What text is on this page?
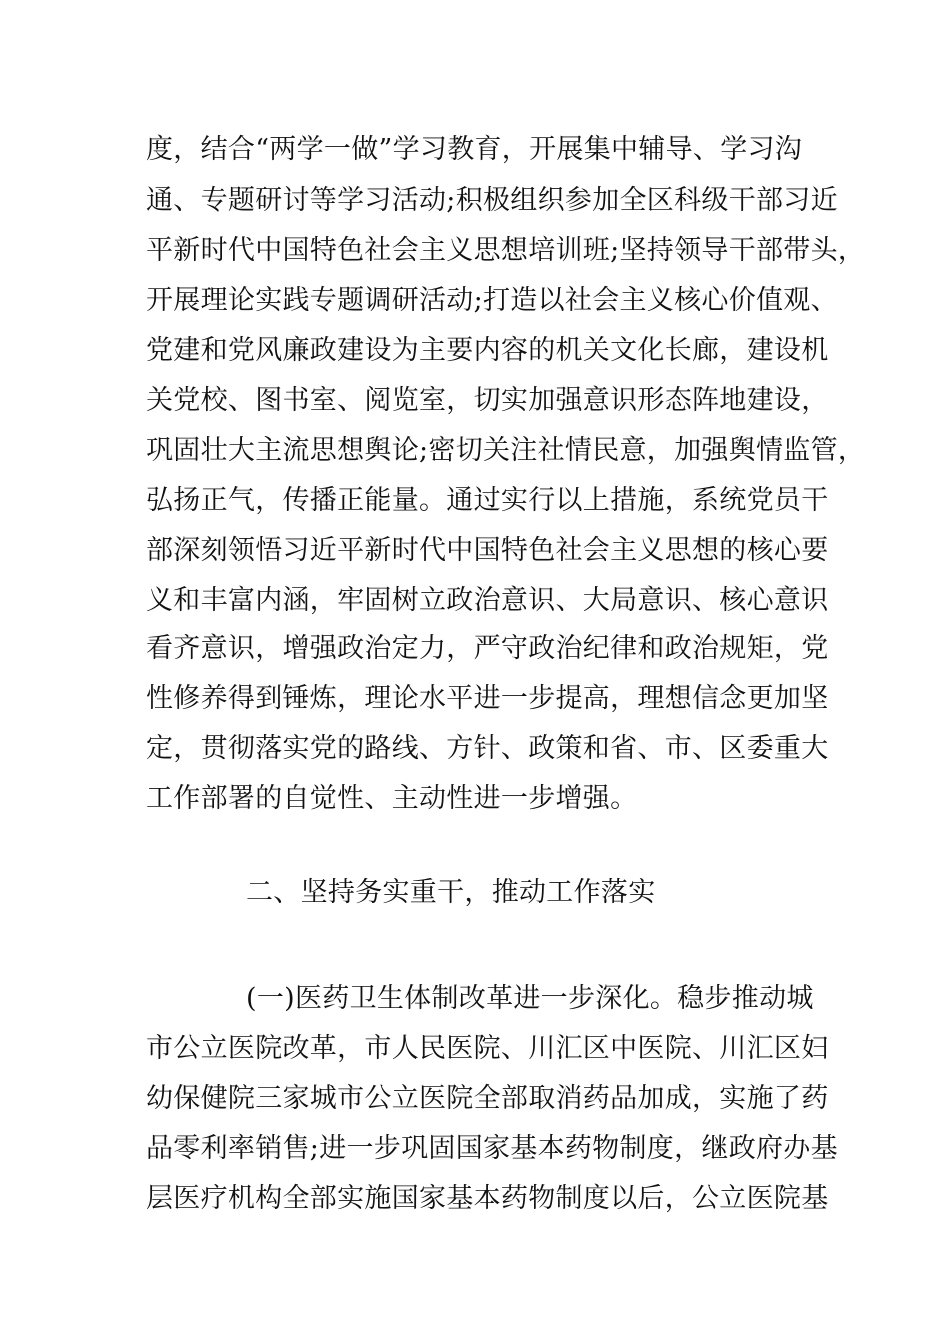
度，结合“两学一做”学习教育，开展集中辅导、学习沟
通、专题研讨等学习活动;积极组织参加全区科级干部习近
平新时代中国特色社会主义思想培训班;坚持领导干部带头，
开展理论实践专题调研活动;打造以社会主义核心价值观、
党建和党风廉政建设为主要内容的机关文化长廊，建设机
关党校、图书室、阅览室，切实加强意识形态阵地建设，
巩固壮大主流思想舆论;密切关注社情民意，加强舆情监管，
弘扬正气，传播正能量。通过实行以上措施，系统党员干
部深刻领悟习近平新时代中国特色社会主义思想的核心要
义和丰富内涵，牢固树立政治意识、大局意识、核心意识
看齐意识，增强政治定力，严守政治纪律和政治规矩，党
性修养得到锤炼，理论水平进一步提高，理想信念更加坚
定，贯彻落实党的路线、方针、政策和省、市、区委重大
工作部署的自觉性、主动性进一步增强。
二、坚持务实重干，推动工作落实
(一)医药卫生体制改革进一步深化。稳步推动城
市公立医院改革，市人民医院、川汇区中医院、川汇区妇
幼保健院三家城市公立医院全部取消药品加成，实施了药
品零利率销售;进一步巩固国家基本药物制度，继政府办基
层医疗机构全部实施国家基本药物制度以后，公立医院基
